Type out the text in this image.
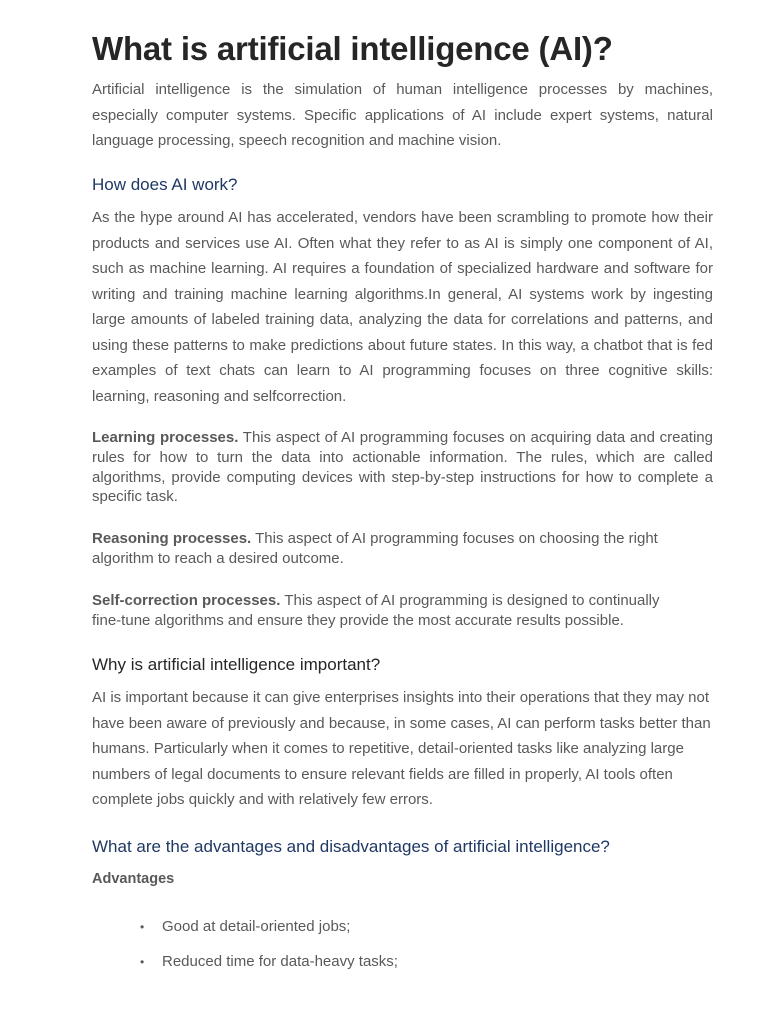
What is artificial intelligence (AI)?

Artificial intelligence is the simulation of human intelligence processes by machines, especially computer systems. Specific applications of AI include expert systems, natural language processing, speech recognition and machine vision.

How does AI work?

As the hype around AI has accelerated, vendors have been scrambling to promote how their products and services use AI. Often what they refer to as AI is simply one component of AI, such as machine learning. AI requires a foundation of specialized hardware and software for writing and training machine learning algorithms.In general, AI systems work by ingesting large amounts of labeled training data, analyzing the data for correlations and patterns, and using these patterns to make predictions about future states. In this way, a chatbot that is fed examples of text chats can learn to AI programming focuses on three cognitive skills: learning, reasoning and selfcorrection.

Learning processes. This aspect of AI programming focuses on acquiring data and creating rules for how to turn the data into actionable information. The rules, which are called algorithms, provide computing devices with step-by-step instructions for how to complete a specific task.

Reasoning processes. This aspect of AI programming focuses on choosing the right algorithm to reach a desired outcome.

Self-correction processes. This aspect of AI programming is designed to continually fine-tune algorithms and ensure they provide the most accurate results possible.

Why is artificial intelligence important?

AI is important because it can give enterprises insights into their operations that they may not have been aware of previously and because, in some cases, AI can perform tasks better than humans. Particularly when it comes to repetitive, detail-oriented tasks like analyzing large numbers of legal documents to ensure relevant fields are filled in properly, AI tools often complete jobs quickly and with relatively few errors.

What are the advantages and disadvantages of artificial intelligence?

Advantages

• Good at detail-oriented jobs;
• Reduced time for data-heavy tasks;
